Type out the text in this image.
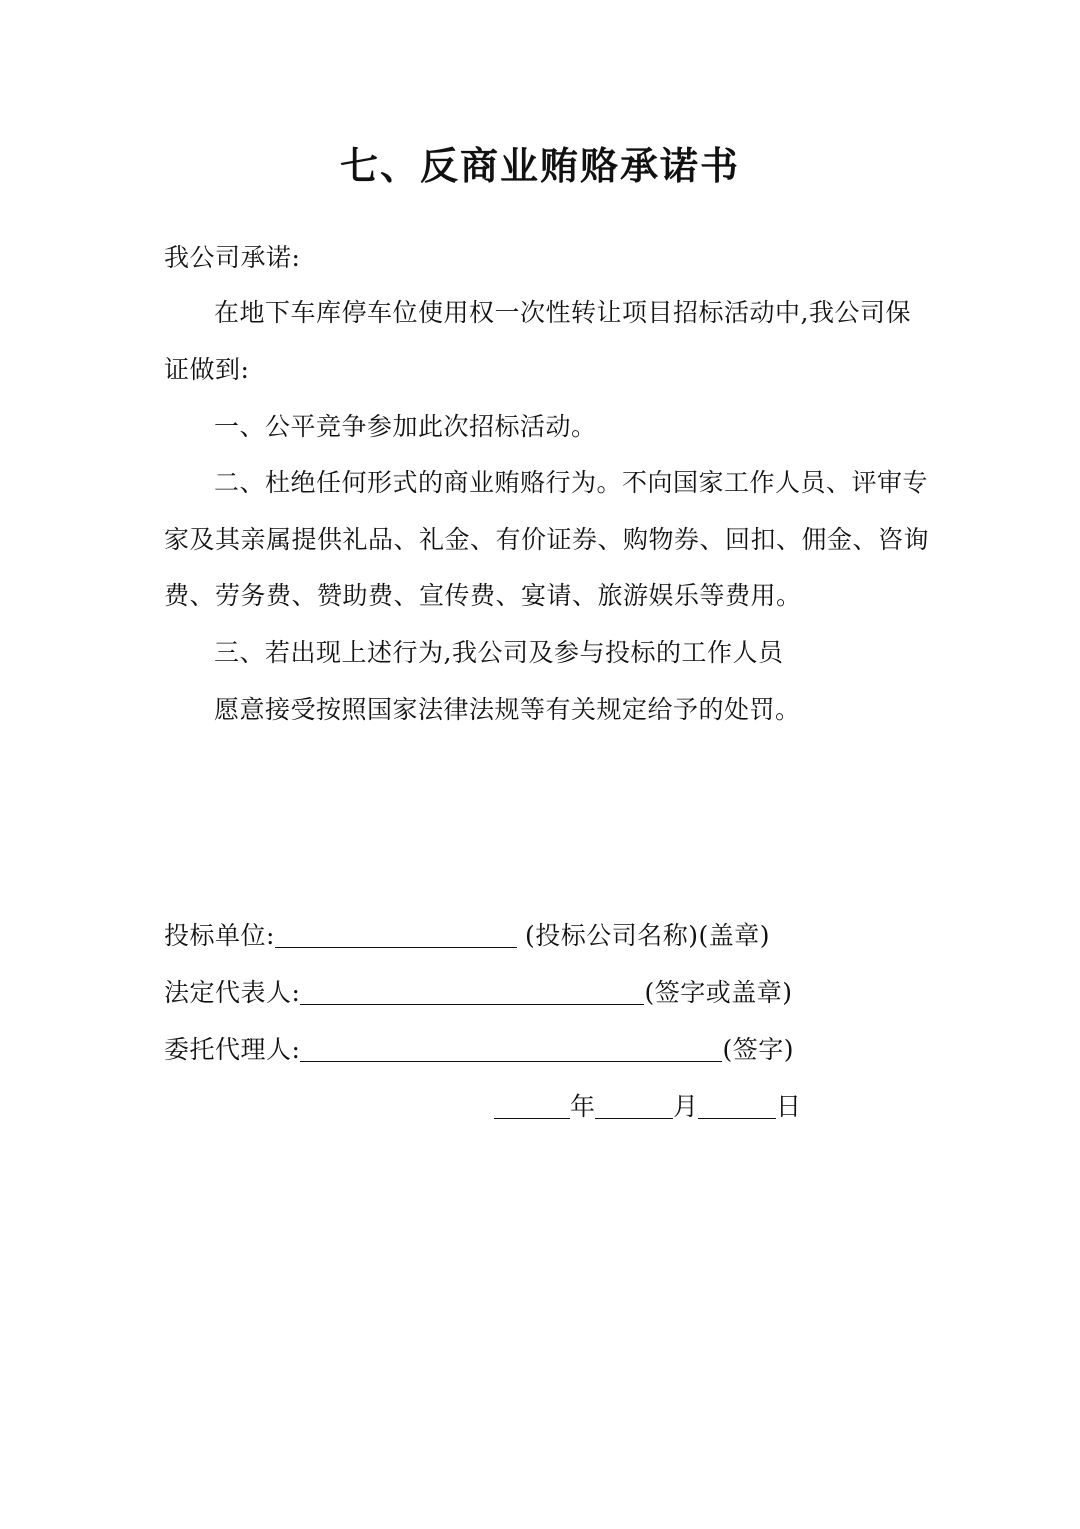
七、反商业贿赂承诺书
我公司承诺:
在地下车库停车位使用权一次性转让项目招标活动中,我公司保
证做到:
一、公平竞争参加此次招标活动。
二、杜绝任何形式的商业贿赂行为。不向国家工作人员、评审专
家及其亲属提供礼品、礼金、有价证券、购物券、回扣、佣金、咨询
费、劳务费、赞助费、宣传费、宴请、旅游娱乐等费用。
三、若出现上述行为,我公司及参与投标的工作人员
愿意接受按照国家法律法规等有关规定给予的处罚。
投标单位:	(投标公司名称)(盖章)
法定代表人:	(签字或盖章)
委托代理人:	(签字)
年	月	日
